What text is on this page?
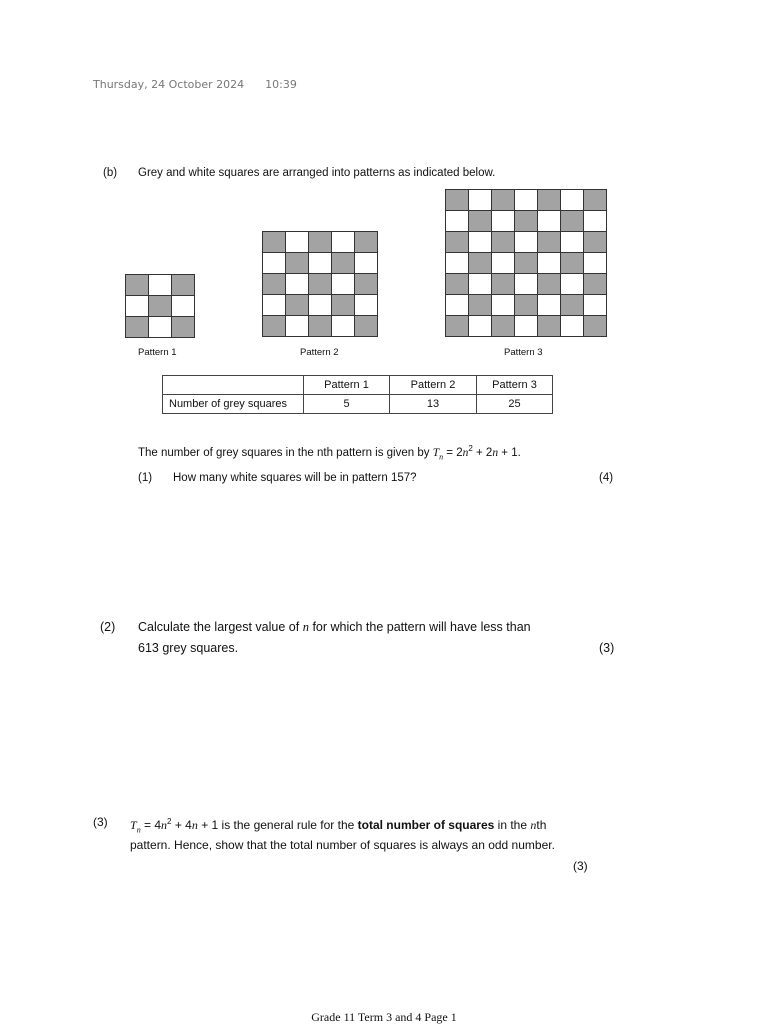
Thursday, 24 October 2024 10:39
(b) Grey and white squares are arranged into patterns as indicated below.
Pattern 1	Pattern 2	Pattern 3
	Pattern 1	Pattern 2	Pattern 3
Number of grey squares	5	13	25
The number of grey squares in the nth pattern is given by $T_n = 2n^2 + 2n + 1$.
(1) How many white squares will be in pattern 157?	(4)
(2) Calculate the largest value of n for which the pattern will have less than
613 grey squares.	(3)
(3) $T_n = 4n^2 + 4n + 1$ is the general rule for the total number of squares in the nth
pattern. Hence, show that the total number of squares is always an odd number.
(3)
Grade 11 Term 3 and 4 Page 1
